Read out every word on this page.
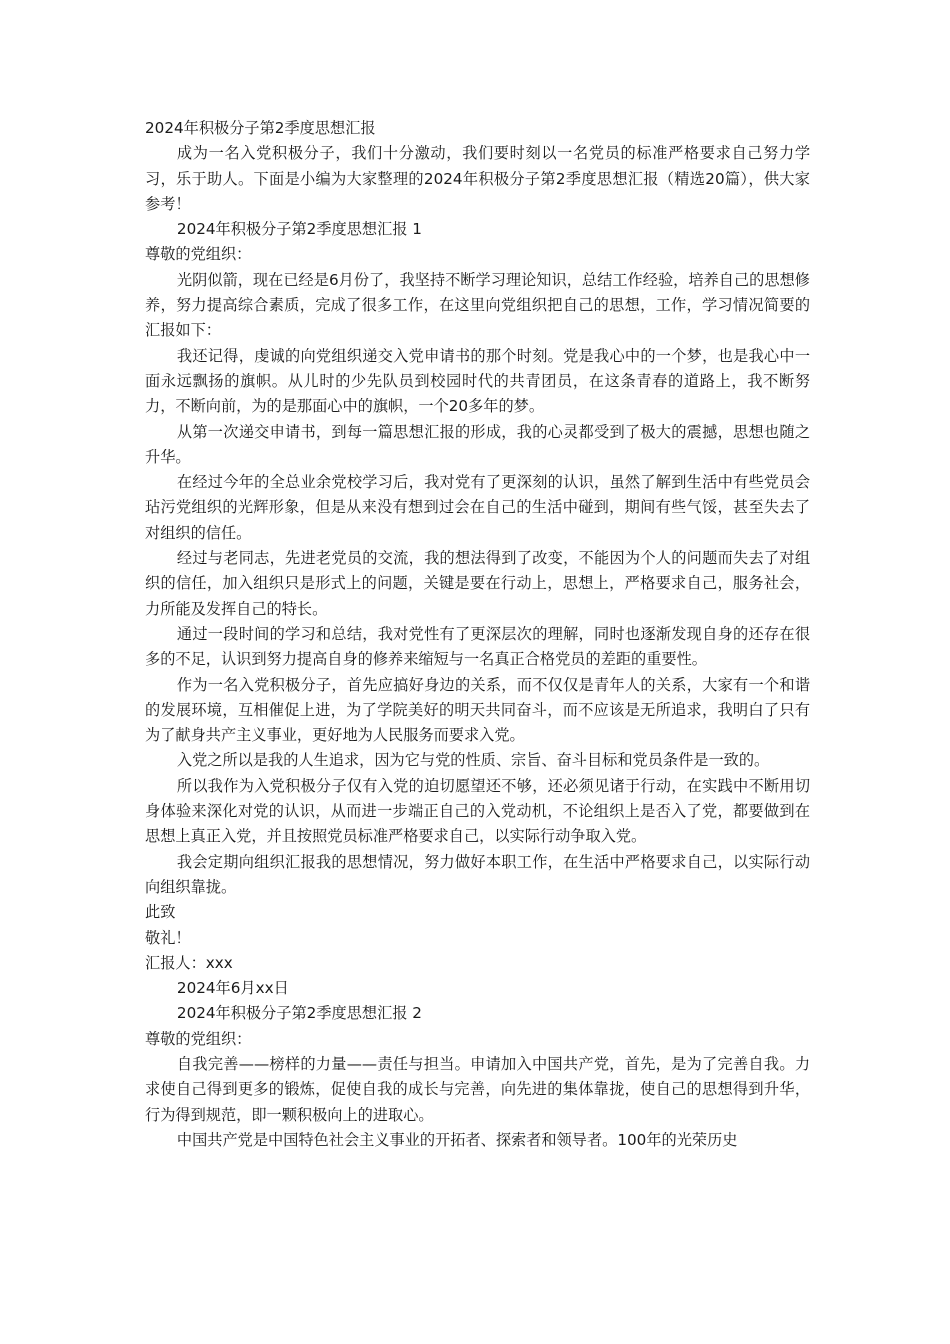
2024年积极分子第2季度思想汇报

成为一名入党积极分子，我们十分激动，我们要时刻以一名党员的标准严格要求自己努力学习，乐于助人。下面是小编为大家整理的2024年积极分子第2季度思想汇报（精选20篇），供大家参考！

2024年积极分子第2季度思想汇报 1

尊敬的党组织：

光阴似箭，现在已经是6月份了，我坚持不断学习理论知识，总结工作经验，培养自己的思想修养，努力提高综合素质，完成了很多工作，在这里向党组织把自己的思想，工作，学习情况简要的汇报如下：

我还记得，虔诚的向党组织递交入党申请书的那个时刻。党是我心中的一个梦，也是我心中一面永远飘扬的旗帜。从儿时的少先队员到校园时代的共青团员，在这条青春的道路上，我不断努力，不断向前，为的是那面心中的旗帜，一个20多年的梦。

从第一次递交申请书，到每一篇思想汇报的形成，我的心灵都受到了极大的震撼，思想也随之升华。

在经过今年的全总业余党校学习后，我对党有了更深刻的认识，虽然了解到生活中有些党员会玷污党组织的光辉形象，但是从来没有想到过会在自己的生活中碰到，期间有些气馁，甚至失去了对组织的信任。

经过与老同志，先进老党员的交流，我的想法得到了改变，不能因为个人的问题而失去了对组织的信任，加入组织只是形式上的问题，关键是要在行动上，思想上，严格要求自己，服务社会，力所能及发挥自己的特长。

通过一段时间的学习和总结，我对党性有了更深层次的理解，同时也逐渐发现自身的还存在很多的不足，认识到努力提高自身的修养来缩短与一名真正合格党员的差距的重要性。

作为一名入党积极分子，首先应搞好身边的关系，而不仅仅是青年人的关系，大家有一个和谐的发展环境，互相催促上进，为了学院美好的明天共同奋斗，而不应该是无所追求，我明白了只有为了献身共产主义事业，更好地为人民服务而要求入党。

入党之所以是我的人生追求，因为它与党的性质、宗旨、奋斗目标和党员条件是一致的。

所以我作为入党积极分子仅有入党的迫切愿望还不够，还必须见诸于行动，在实践中不断用切身体验来深化对党的认识，从而进一步端正自己的入党动机，不论组织上是否入了党，都要做到在思想上真正入党，并且按照党员标准严格要求自己，以实际行动争取入党。

我会定期向组织汇报我的思想情况，努力做好本职工作，在生活中严格要求自己，以实际行动向组织靠拢。

此致

敬礼！

汇报人：xxx

2024年6月xx日

2024年积极分子第2季度思想汇报 2

尊敬的党组织：

自我完善——榜样的力量——责任与担当。申请加入中国共产党，首先，是为了完善自我。力求使自己得到更多的锻炼，促使自我的成长与完善，向先进的集体靠拢，使自己的思想得到升华，行为得到规范，即一颗积极向上的进取心。

中国共产党是中国特色社会主义事业的开拓者、探索者和领导者。100年的光荣历史
